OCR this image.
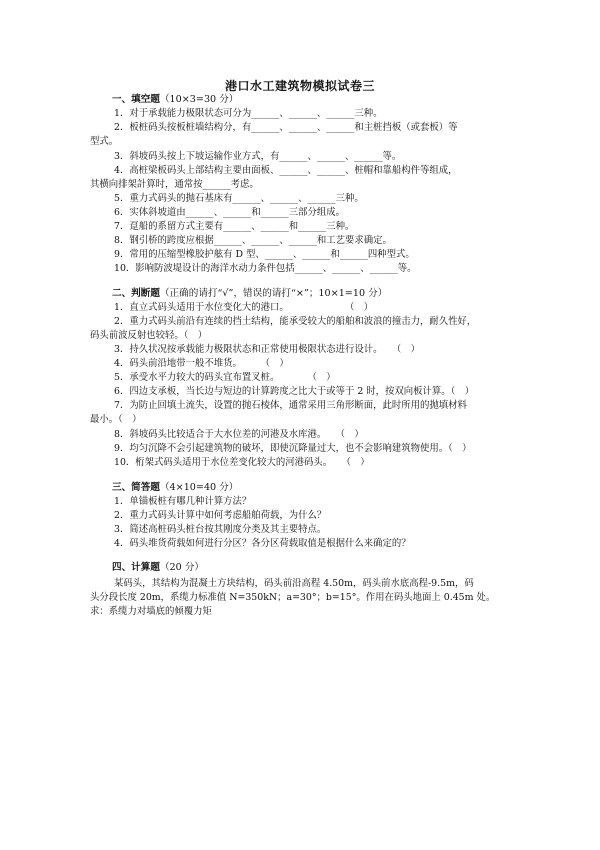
港口水工建筑物模拟试卷三
一、填空题（10×3=30 分）
1．对于承载能力极限状态可分为______、______、______三种。
2．板桩码头按板桩墙结构分，有______、______、______和主桩挡板（或套板）等
型式。
3．斜坡码头按上下坡运输作业方式，有______、______、______等。
4．高桩梁板码头上部结构主要由面板、______、______、桩帽和靠船构件等组成，
其横向排架計算时，通常按______考虑。
5．重力式码头的抛石基床有______、______、______三种。
6．实体斜坡道由______、______和______三部分组成。
7．趸船的系留方式主要有______、______和______三种。
8．钢引桥的跨度应根据______、______、______和工艺要求确定。
9．常用的压缩型橡胶护舷有 D 型、______、______和______四种型式。
10．影响防波堤设计的海洋水动力条件包括______、______、______等。
二、判断题（正确的请打“√”，错误的请打“×”；10×1=10 分）
1．直立式码头适用于水位变化大的港口。　　　　　　　（　）
2．重力式码头前沿有连续的挡土结构，能承受较大的船舶和波浪的撞击力，耐久性好，
码头前波反射也较轻。（　）
3．持久状况按承载能力极限状态和正常使用极限状态进行设计。　　（　）
4．码头前沿地带一般不堆货。　　　（　）
5．承受水平力较大的码头宜布置叉桩。　　　　（　）
6．四边支承板，当长边与短边的计算跨度之比大于或等于 2 时，按双向板计算。（　）
7．为防止回填土流失，设置的抛石棱体，通常采用三角形断面，此时所用的抛填材料
最小。（　）
8．斜坡码头比较适合于大水位差的河港及水库港。　　（　）
9．均匀沉降不会引起建筑物的破坏，即使沉降量过大，也不会影响建筑物使用。（　）
10．桁架式码头适用于水位差变化较大的河港码头。　　（　）
三、简答题（4×10=40 分）
1．单锚板桩有哪几种计算方法？
2．重力式码头计算中如何考虑船舶荷载，为什么？
3．简述高桩码头桩台按其刚度分类及其主要特点。
4．码头堆货荷载如何进行分区？各分区荷载取值是根据什么来确定的？
四、计算题（20 分）
某码头，其结构为混凝土方块结构，码头前沿高程 4.50m，码头前水底高程-9.5m，码
头分段长度 20m，系缆力标准值 N=350kN；a=30°；b=15°。作用在码头地面上 0.45m 处。
求：系缆力对墙底的倾覆力矩
